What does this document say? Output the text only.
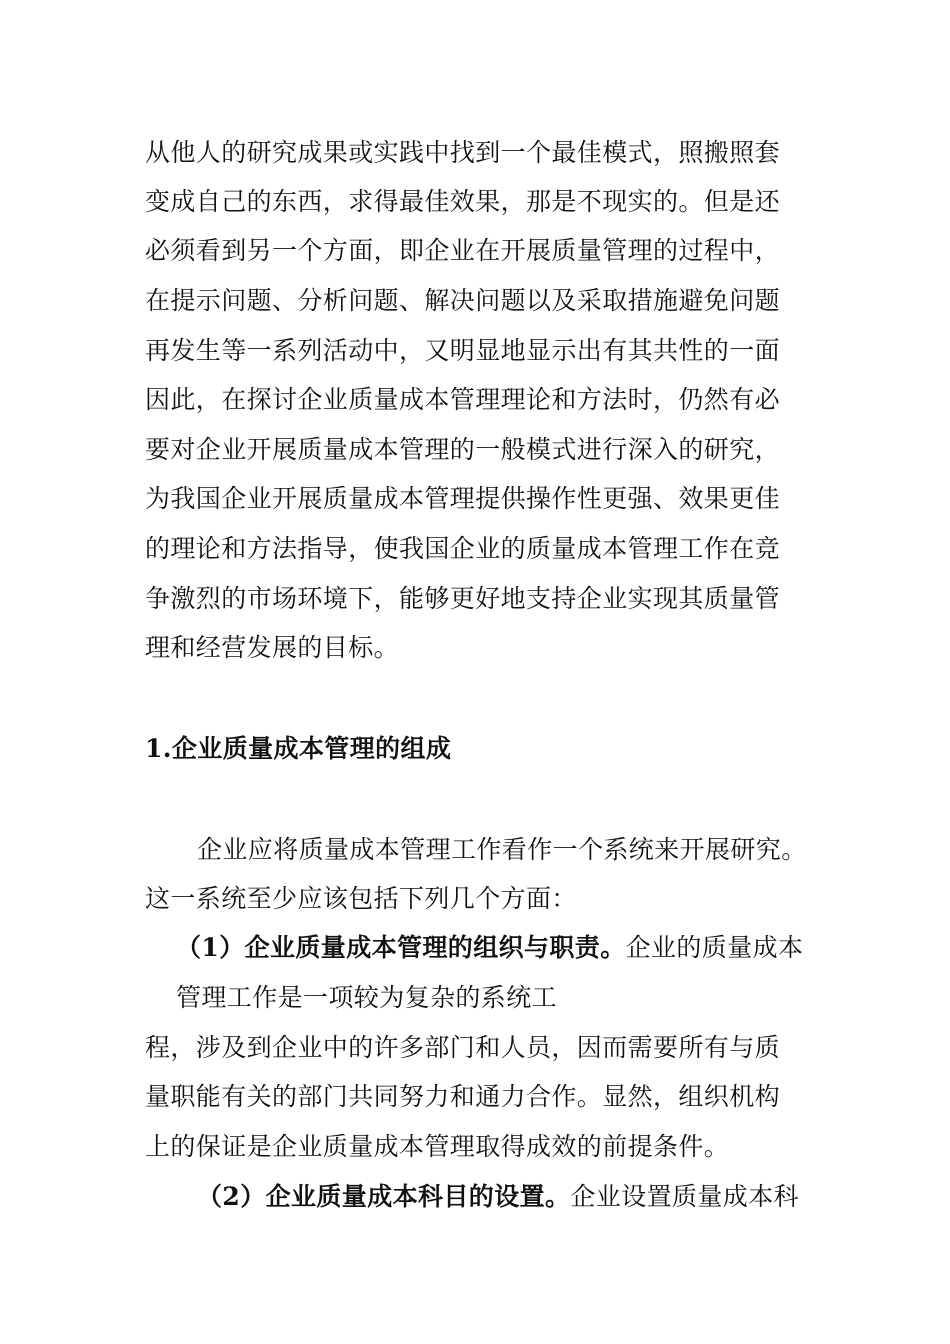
从他人的研究成果或实践中找到一个最佳模式，照搬照套
变成自己的东西，求得最佳效果，那是不现实的。但是还
必须看到另一个方面，即企业在开展质量管理的过程中，
在提示问题、分析问题、解决问题以及采取措施避免问题
再发生等一系列活动中，又明显地显示出有其共性的一面
因此，在探讨企业质量成本管理理论和方法时，仍然有必
要对企业开展质量成本管理的一般模式进行深入的研究，
为我国企业开展质量成本管理提供操作性更强、效果更佳
的理论和方法指导，使我国企业的质量成本管理工作在竞
争激烈的市场环境下，能够更好地支持企业实现其质量管
理和经营发展的目标。
1.企业质量成本管理的组成
企业应将质量成本管理工作看作一个系统来开展研究。
这一系统至少应该包括下列几个方面：
（1）企业质量成本管理的组织与职责。企业的质量成本
管理工作是一项较为复杂的系统工
程，涉及到企业中的许多部门和人员，因而需要所有与质
量职能有关的部门共同努力和通力合作。显然，组织机构
上的保证是企业质量成本管理取得成效的前提条件。
（2）企业质量成本科目的设置。企业设置质量成本科
